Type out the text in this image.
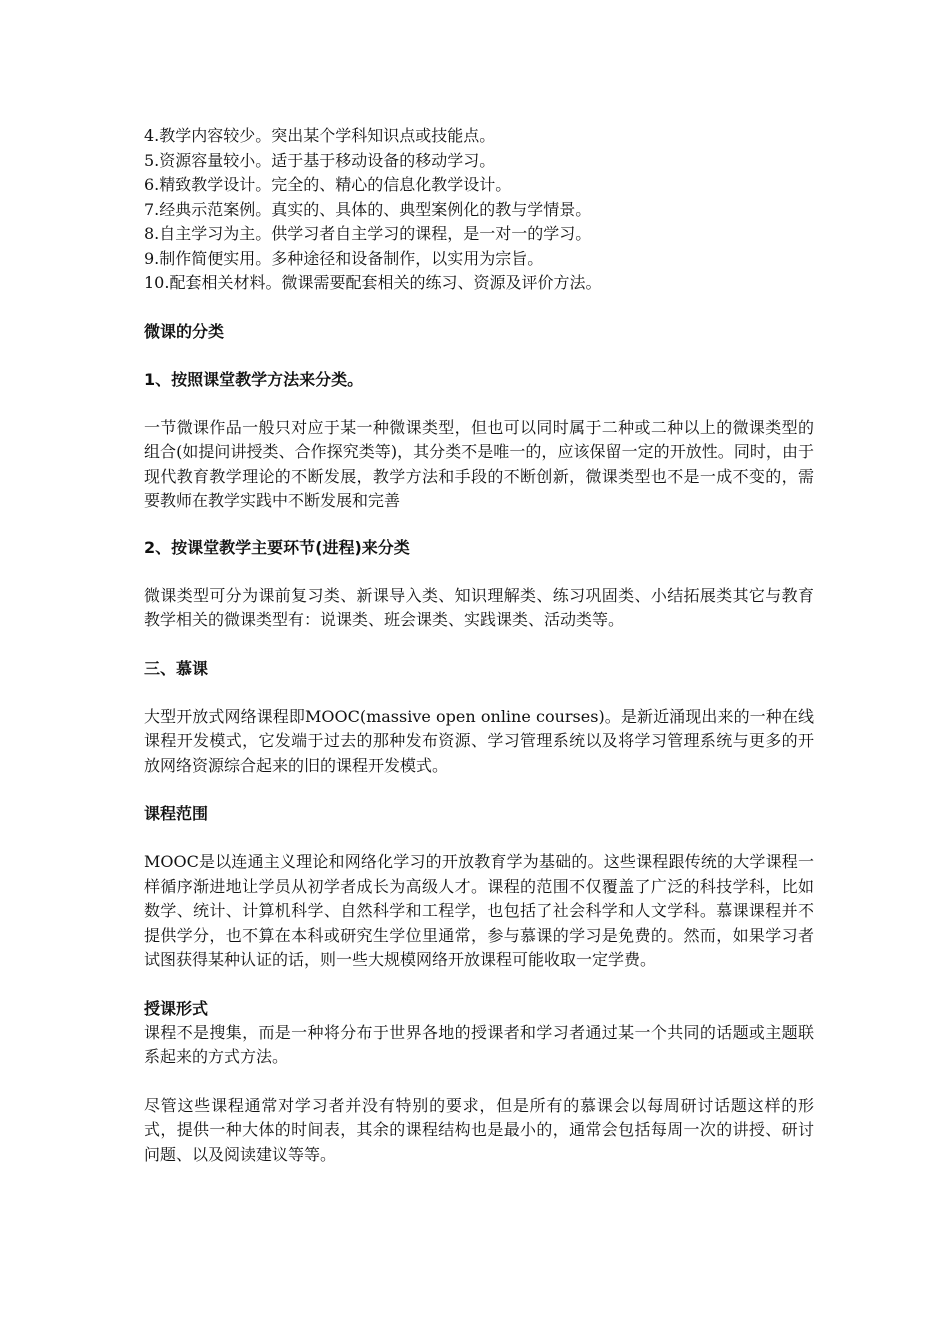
4.教学内容较少。突出某个学科知识点或技能点。

5.资源容量较小。适于基于移动设备的移动学习。

6.精致教学设计。完全的、精心的信息化教学设计。

7.经典示范案例。真实的、具体的、典型案例化的教与学情景。

8.自主学习为主。供学习者自主学习的课程，是一对一的学习。

9.制作简便实用。多种途径和设备制作，以实用为宗旨。

10.配套相关材料。微课需要配套相关的练习、资源及评价方法。

微课的分类
1、按照课堂教学方法来分类。

一节微课作品一般只对应于某一种微课类型，但也可以同时属于二种或二种以上的微课类型的组合(如提问讲授类、合作探究类等)，其分类不是唯一的，应该保留一定的开放性。同时，由于现代教育教学理论的不断发展，教学方法和手段的不断创新，微课类型也不是一成不变的，需要教师在教学实践中不断发展和完善

2、按课堂教学主要环节(进程)来分类

微课类型可分为课前复习类、新课导入类、知识理解类、练习巩固类、小结拓展类其它与教育教学相关的微课类型有：说课类、班会课类、实践课类、活动类等。

三、慕课

大型开放式网络课程即MOOC(massive open online courses)。是新近涌现出来的一种在线课程开发模式，它发端于过去的那种发布资源、学习管理系统以及将学习管理系统与更多的开放网络资源综合起来的旧的课程开发模式。

课程范围

MOOC是以连通主义理论和网络化学习的开放教育学为基础的。这些课程跟传统的大学课程一样循序渐进地让学员从初学者成长为高级人才。课程的范围不仅覆盖了广泛的科技学科，比如数学、统计、计算机科学、自然科学和工程学，也包括了社会科学和人文学科。慕课课程并不提供学分，也不算在本科或研究生学位里通常，参与慕课的学习是免费的。然而，如果学习者试图获得某种认证的话，则一些大规模网络开放课程可能收取一定学费。

授课形式

课程不是搜集，而是一种将分布于世界各地的授课者和学习者通过某一个共同的话题或主题联系起来的方式方法。

尽管这些课程通常对学习者并没有特别的要求，但是所有的慕课会以每周研讨话题这样的形式，提供一种大体的时间表，其余的课程结构也是最小的，通常会包括每周一次的讲授、研讨问题、以及阅读建议等等。
